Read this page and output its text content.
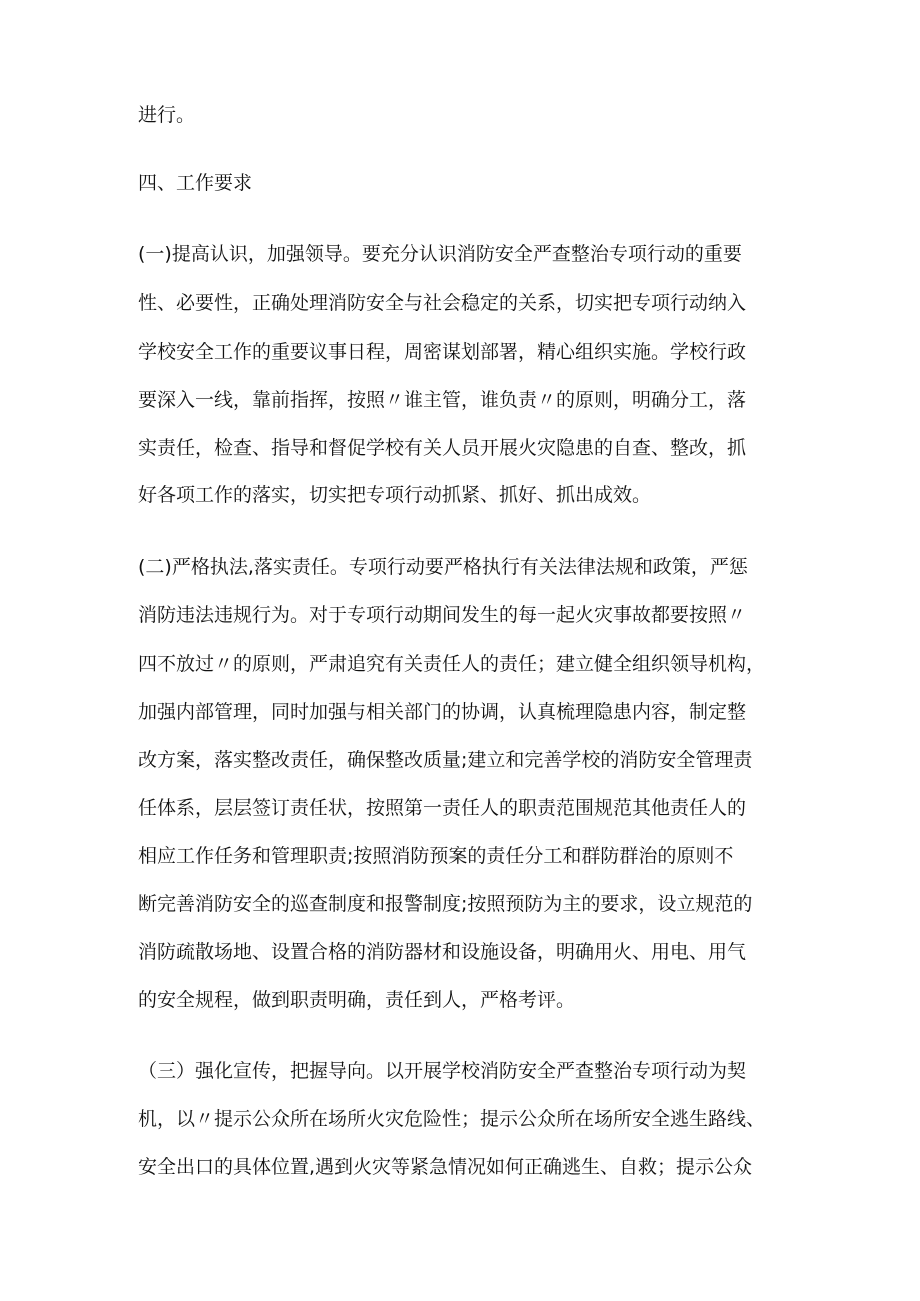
进行。
四、工作要求
(一)提高认识，加强领导。要充分认识消防安全严查整治专项行动的重要
性、必要性，正确处理消防安全与社会稳定的关系，切实把专项行动纳入
学校安全工作的重要议事日程，周密谋划部署，精心组织实施。学校行政
要深入一线，靠前指挥，按照〃谁主管，谁负责〃的原则，明确分工，落
实责任，检查、指导和督促学校有关人员开展火灾隐患的自查、整改，抓
好各项工作的落实，切实把专项行动抓紧、抓好、抓出成效。
(二)严格执法,落实责任。专项行动要严格执行有关法律法规和政策，严惩
消防违法违规行为。对于专项行动期间发生的每一起火灾事故都要按照〃
四不放过〃的原则，严肃追究有关责任人的责任；建立健全组织领导机构，
加强内部管理，同时加强与相关部门的协调，认真梳理隐患内容，制定整
改方案，落实整改责任，确保整改质量;建立和完善学校的消防安全管理责
任体系，层层签订责任状，按照第一责任人的职责范围规范其他责任人的
相应工作任务和管理职责;按照消防预案的责任分工和群防群治的原则不
断完善消防安全的巡查制度和报警制度;按照预防为主的要求，设立规范的
消防疏散场地、设置合格的消防器材和设施设备，明确用火、用电、用气
的安全规程，做到职责明确，责任到人，严格考评。
（三）强化宣传，把握导向。以开展学校消防安全严查整治专项行动为契
机，以〃提示公众所在场所火灾危险性；提示公众所在场所安全逃生路线、
安全出口的具体位置,遇到火灾等紧急情况如何正确逃生、自救；提示公众
